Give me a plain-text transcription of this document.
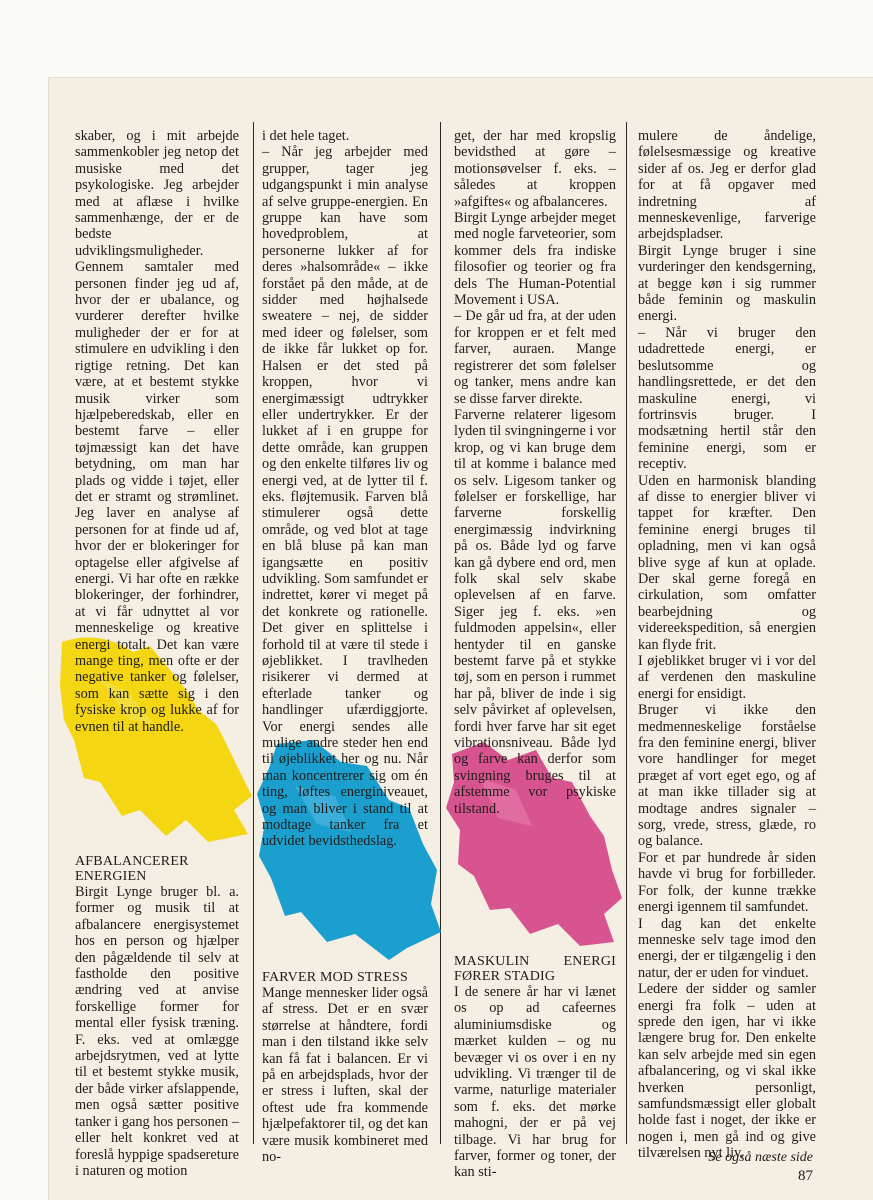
skaber, og i mit arbejde sammenkobler jeg netop det musiske med det psykologiske. Jeg arbejder med at aflæse i hvilke sammenhænge, der er de bedste udviklingsmuligheder. Gennem samtaler med personen finder jeg ud af, hvor der er ubalance, og vurderer derefter hvilke muligheder der er for at stimulere en udvikling i den rigtige retning. Det kan være, at et bestemt stykke musik virker som hjælpeberedskab, eller en bestemt farve – eller tøjmæssigt kan det have betydning, om man har plads og vidde i tøjet, eller det er stramt og strømlinet. Jeg laver en analyse af personen for at finde ud af, hvor der er blokeringer for optagelse eller afgivelse af energi. Vi har ofte en række blokeringer, der forhindrer, at vi får udnyttet al vor menneskelige og kreative energi totalt. Det kan være mange ting, men ofte er der negative tanker og følelser, som kan sætte sig i den fysiske krop og lukke af for evnen til at handle.

AFBALANCERER ENERGIEN

Birgit Lynge bruger bl. a. former og musik til at afbalancere energisystemet hos en person og hjælper den pågældende til selv at fastholde den positive ændring ved at anvise forskellige former for mental eller fysisk træning. F. eks. ved at omlægge arbejdsrytmen, ved at lytte til et bestemt stykke musik, der både virker afslappende, men også sætter positive tanker i gang hos personen – eller helt konkret ved at foreslå hyppige spadsereture i naturen og motion

i det hele taget.
– Når jeg arbejder med grupper, tager jeg udgangspunkt i min analyse af selve gruppe-energien. En gruppe kan have som hovedproblem, at personerne lukker af for deres »halsområde« – ikke forstået på den måde, at de sidder med højhalsede sweatere – nej, de sidder med ideer og følelser, som de ikke får lukket op for. Halsen er det sted på kroppen, hvor vi energimæssigt udtrykker eller undertrykker. Er der lukket af i en gruppe for dette område, kan gruppen og den enkelte tilføres liv og energi ved, at de lytter til f. eks. fløjtemusik. Farven blå stimulerer også dette område, og ved blot at tage en blå bluse på kan man igangsætte en positiv udvikling. Som samfundet er indrettet, kører vi meget på det konkrete og rationelle. Det giver en splittelse i forhold til at være til stede i øjeblikket. I travlheden risikerer vi dermed at efterlade tanker og handlinger ufærdiggjorte. Vor energi sendes alle mulige andre steder hen end til øjeblikket her og nu. Når man koncentrerer sig om én ting, løftes energiniveauet, og man bliver i stand til at modtage tanker fra et udvidet bevidsthedslag.

FARVER MOD STRESS

Mange mennesker lider også af stress. Det er en svær størrelse at håndtere, fordi man i den tilstand ikke selv kan få fat i balancen. Er vi på en arbejdsplads, hvor der er stress i luften, skal der oftest ude fra kommende hjælpefaktorer til, og det kan være musik kombineret med no-

get, der har med kropslig bevidsthed at gøre – motionsøvelser f. eks. – således at kroppen »afgiftes« og afbalanceres.
Birgit Lynge arbejder meget med nogle farveteorier, som kommer dels fra indiske filosofier og teorier og fra dels The Human-Potential Movement i USA.
– De går ud fra, at der uden for kroppen er et felt med farver, auraen. Mange registrerer det som følelser og tanker, mens andre kan se disse farver direkte.
Farverne relaterer ligesom lyden til svingningerne i vor krop, og vi kan bruge dem til at komme i balance med os selv. Ligesom tanker og følelser er forskellige, har farverne forskellig energimæssig indvirkning på os. Både lyd og farve kan gå dybere end ord, men folk skal selv skabe oplevelsen af en farve. Siger jeg f. eks. »en fuldmoden appelsin«, eller hentyder til en ganske bestemt farve på et stykke tøj, som en person i rummet har på, bliver de inde i sig selv påvirket af oplevelsen, fordi hver farve har sit eget vibrationsniveau. Både lyd og farve kan derfor som svingning bruges til at afstemme vor psykiske tilstand.

MASKULIN ENERGI FØRER STADIG

I de senere år har vi lænet os op ad cafeernes aluminiumsdiske og mærket kulden – og nu bevæger vi os over i en ny udvikling. Vi trænger til de varme, naturlige materialer som f. eks. det mørke mahogni, der er på vej tilbage. Vi har brug for farver, former og toner, der kan sti-

mulere de åndelige, følelsesmæssige og kreative sider af os. Jeg er derfor glad for at få opgaver med indretning af menneskevenlige, farverige arbejdspladser.
Birgit Lynge bruger i sine vurderinger den kendsgerning, at begge køn i sig rummer både feminin og maskulin energi.
– Når vi bruger den udadrettede energi, er beslutsomme og handlingsrettede, er det den maskuline energi, vi fortrinsvis bruger. I modsætning hertil står den feminine energi, som er receptiv.
Uden en harmonisk blanding af disse to energier bliver vi tappet for kræfter. Den feminine energi bruges til opladning, men vi kan også blive syge af kun at oplade. Der skal gerne foregå en cirkulation, som omfatter bearbejdning og videreekspedition, så energien kan flyde frit.
I øjeblikket bruger vi i vor del af verdenen den maskuline energi for ensidigt.
Bruger vi ikke den medmenneskelige forståelse fra den feminine energi, bliver vore handlinger for meget præget af vort eget ego, og af at man ikke tillader sig at modtage andres signaler – sorg, vrede, stress, glæde, ro og balance.
For et par hundrede år siden havde vi brug for forbilleder. For folk, der kunne trække energi igennem til samfundet.
I dag kan det enkelte menneske selv tage imod den energi, der er tilgængelig i den natur, der er uden for vinduet.
Ledere der sidder og samler energi fra folk – uden at sprede den igen, har vi ikke længere brug for. Den enkelte kan selv arbejde med sin egen afbalancering, og vi skal ikke hverken personligt, samfundsmæssigt eller globalt holde fast i noget, der ikke er nogen i, men gå ind og give tilværelsen nyt liv.

Se også næste side
87
